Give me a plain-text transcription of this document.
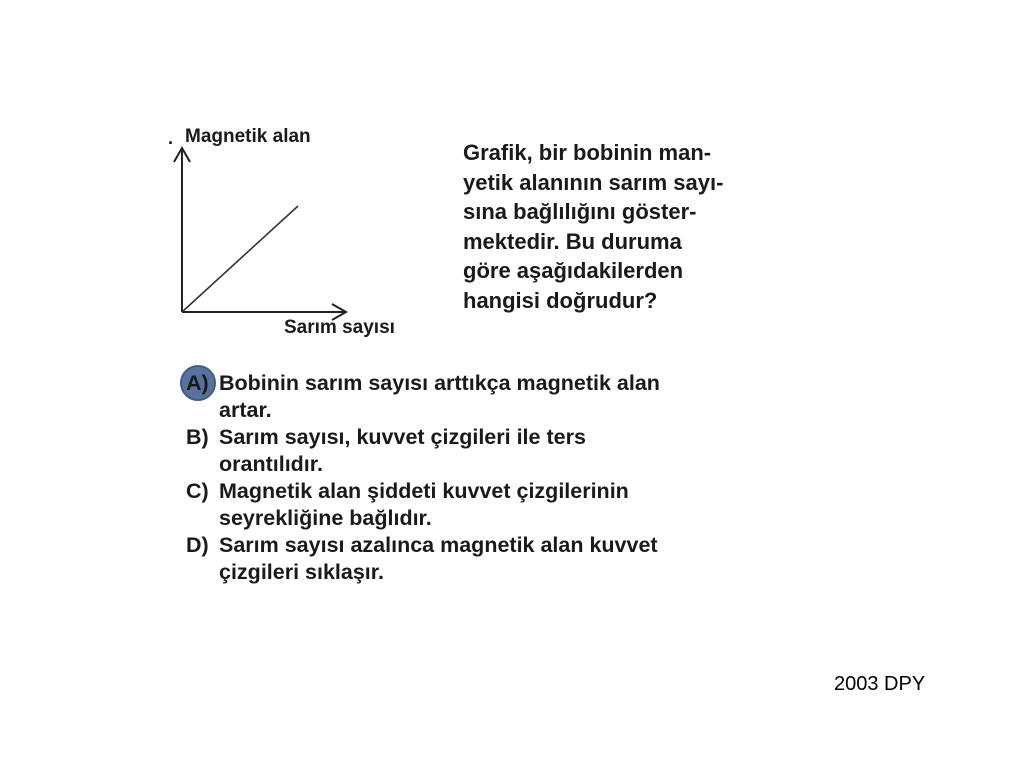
. Magnetik alan
Sarım sayısı
Grafik, bir bobinin man-
yetik alanının sarım sayı-
sına bağlılığını göster-
mektedir. Bu duruma
göre aşağıdakilerden
hangisi doğrudur?
A) Bobinin sarım sayısı arttıkça magnetik alan
artar.
B) Sarım sayısı, kuvvet çizgileri ile ters
orantılıdır.
C) Magnetik alan şiddeti kuvvet çizgilerinin
seyrekliğine bağlıdır.
D) Sarım sayısı azalınca magnetik alan kuvvet
çizgileri sıklaşır.
2003 DPY
